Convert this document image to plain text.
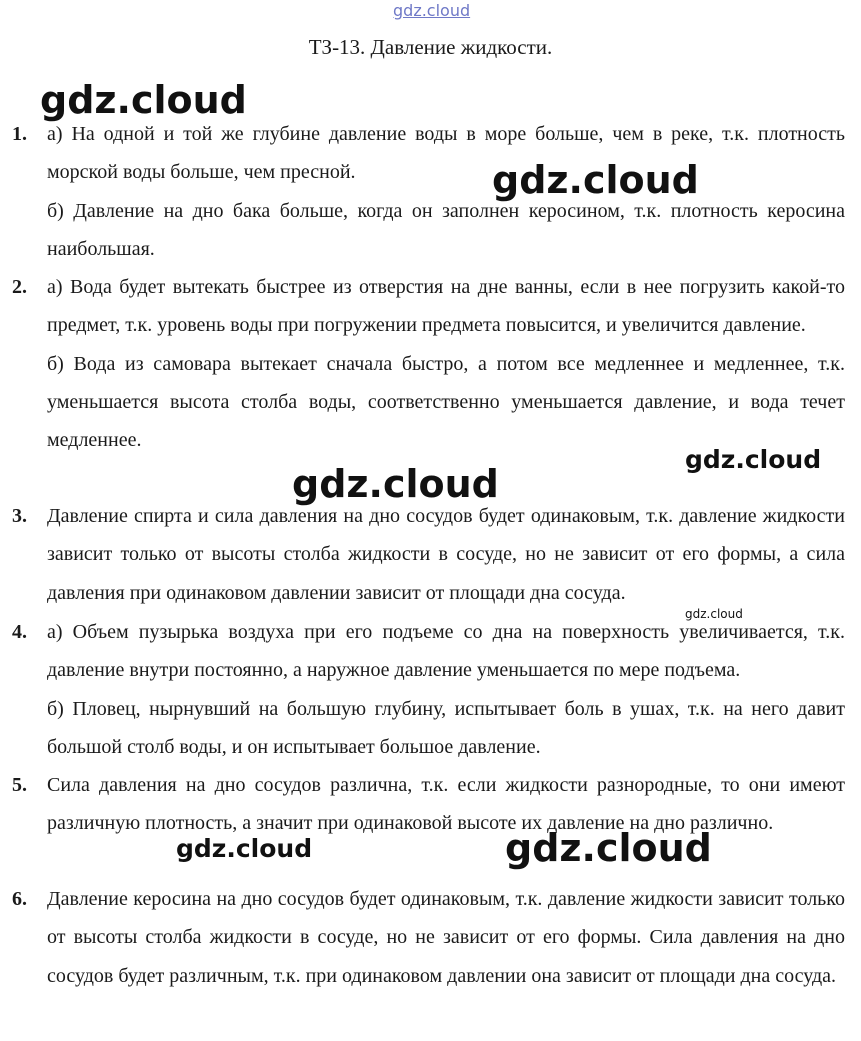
gdz.cloud
ТЗ-13. Давление жидкости.
1.	а) На одной и той же глубине давление воды в море больше, чем в реке, т.к. плотность морской воды больше, чем пресной.
б) Давление на дно бака больше, когда он заполнен керосином, т.к. плотность керосина наибольшая.
2.	а) Вода будет вытекать быстрее из отверстия на дне ванны, если в нее погрузить какой-то предмет, т.к. уровень воды при погружении предмета повысится, и увеличится давление.
б) Вода из самовара вытекает сначала быстро, а потом все медленнее и медленнее, т.к. уменьшается высота столба воды, соответственно уменьшается давление, и вода течет медленнее.
3.	Давление спирта и сила давления на дно сосудов будет одинаковым, т.к. давление жидкости зависит только от высоты столба жидкости в сосуде, но не зависит от его формы, а сила давления при одинаковом давлении зависит от площади дна сосуда.
4.	а) Объем пузырька воздуха при его подъеме со дна на поверхность увеличивается, т.к. давление внутри постоянно, а наружное давление уменьшается по мере подъема.
б) Пловец, нырнувший на большую глубину, испытывает боль в ушах, т.к. на него давит большой столб воды, и он испытывает большое давление.
5.	Сила давления на дно сосудов различна, т.к. если жидкости разнородные, то они имеют различную плотность, а значит при одинаковой высоте их давление на дно различно.
6.	Давление керосина на дно сосудов будет одинаковым, т.к. давление жидкости зависит только от высоты столба жидкости в сосуде, но не зависит от его формы. Сила давления на дно сосудов будет различным, т.к. при одинаковом давлении она зависит от площади дна сосуда.
gdz.cloud
gdz.cloud
gdz.cloud
gdz.cloud
gdz.cloud
gdz.cloud	gdz.cloud
